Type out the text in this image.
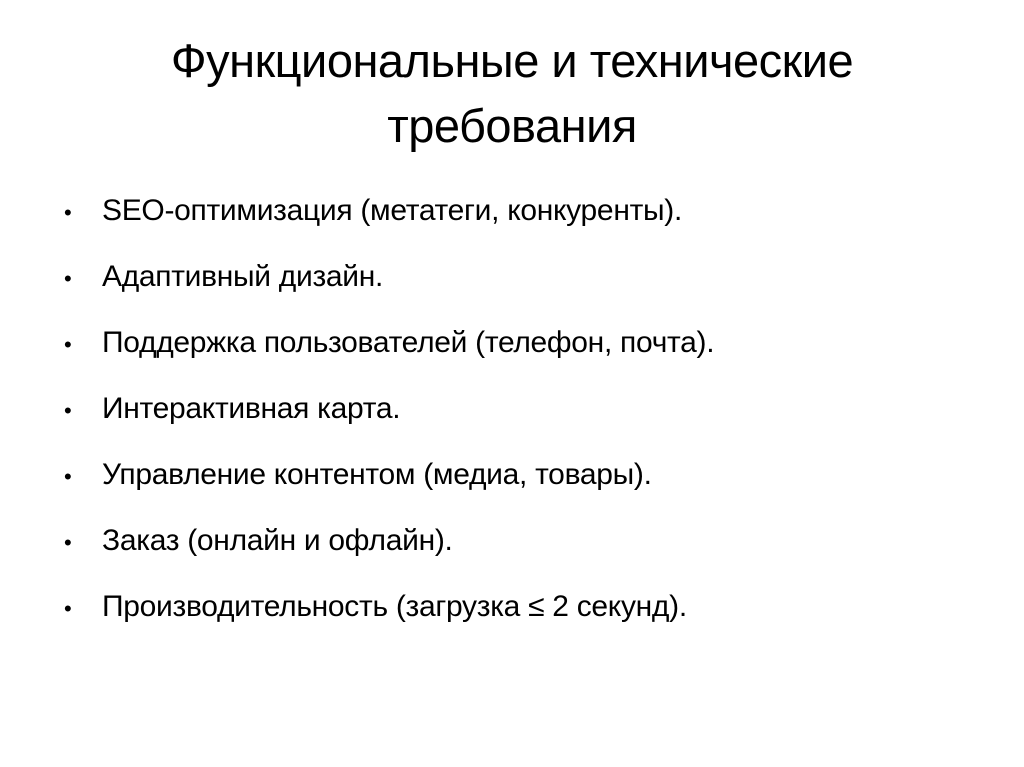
Функциональные и технические
требования
•	SEO-оптимизация (метатеги, конкуренты).
•	Адаптивный дизайн.
•	Поддержка пользователей (телефон, почта).
•	Интерактивная карта.
•	Управление контентом (медиа, товары).
•	Заказ (онлайн и офлайн).
•	Производительность (загрузка ≤ 2 секунд).
